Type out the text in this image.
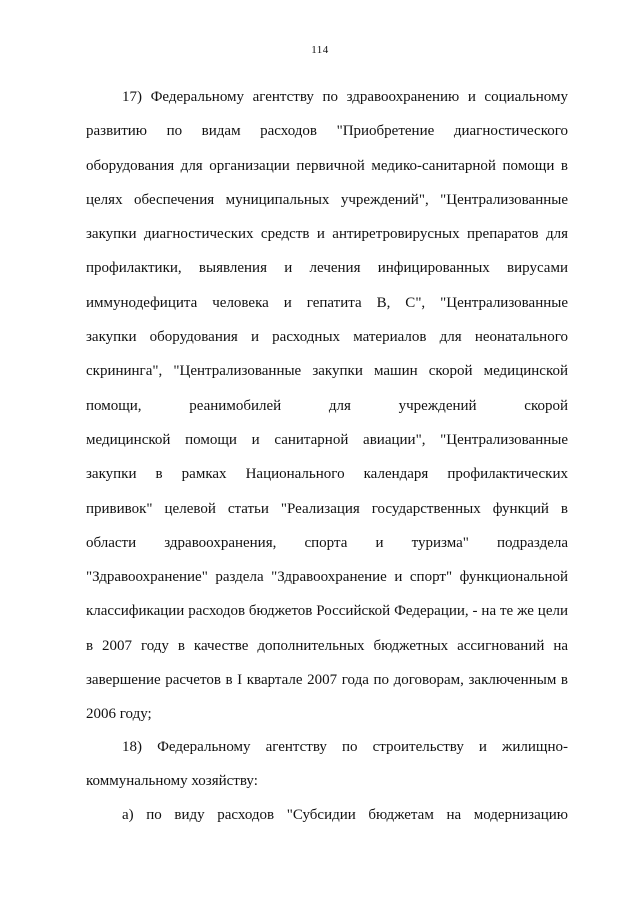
114
17) Федеральному агентству по здравоохранению и социальному
развитию по видам расходов "Приобретение диагностического
оборудования для организации первичной медико-санитарной помощи в
целях обеспечения муниципальных учреждений", "Централизованные
закупки диагностических средств и антиретровирусных препаратов для
профилактики, выявления и лечения инфицированных вирусами
иммунодефицита человека и гепатита B, C", "Централизованные
закупки оборудования и расходных материалов для неонатального
скрининга", "Централизованные закупки машин скорой медицинской
помощи, реанимобилей для учреждений скорой
медицинской помощи и санитарной авиации", "Централизованные
закупки в рамках Национального календаря профилактических
прививок" целевой статьи "Реализация государственных функций в
области здравоохранения, спорта и туризма" подраздела
"Здравоохранение" раздела "Здравоохранение и спорт" функциональной
классификации расходов бюджетов Российской Федерации, - на те же цели
в 2007 году в качестве дополнительных бюджетных ассигнований на
завершение расчетов в I квартале 2007 года по договорам, заключенным в
2006 году;
18) Федеральному агентству по строительству и жилищно-
коммунальному хозяйству:
а) по виду расходов "Субсидии бюджетам на модернизацию
